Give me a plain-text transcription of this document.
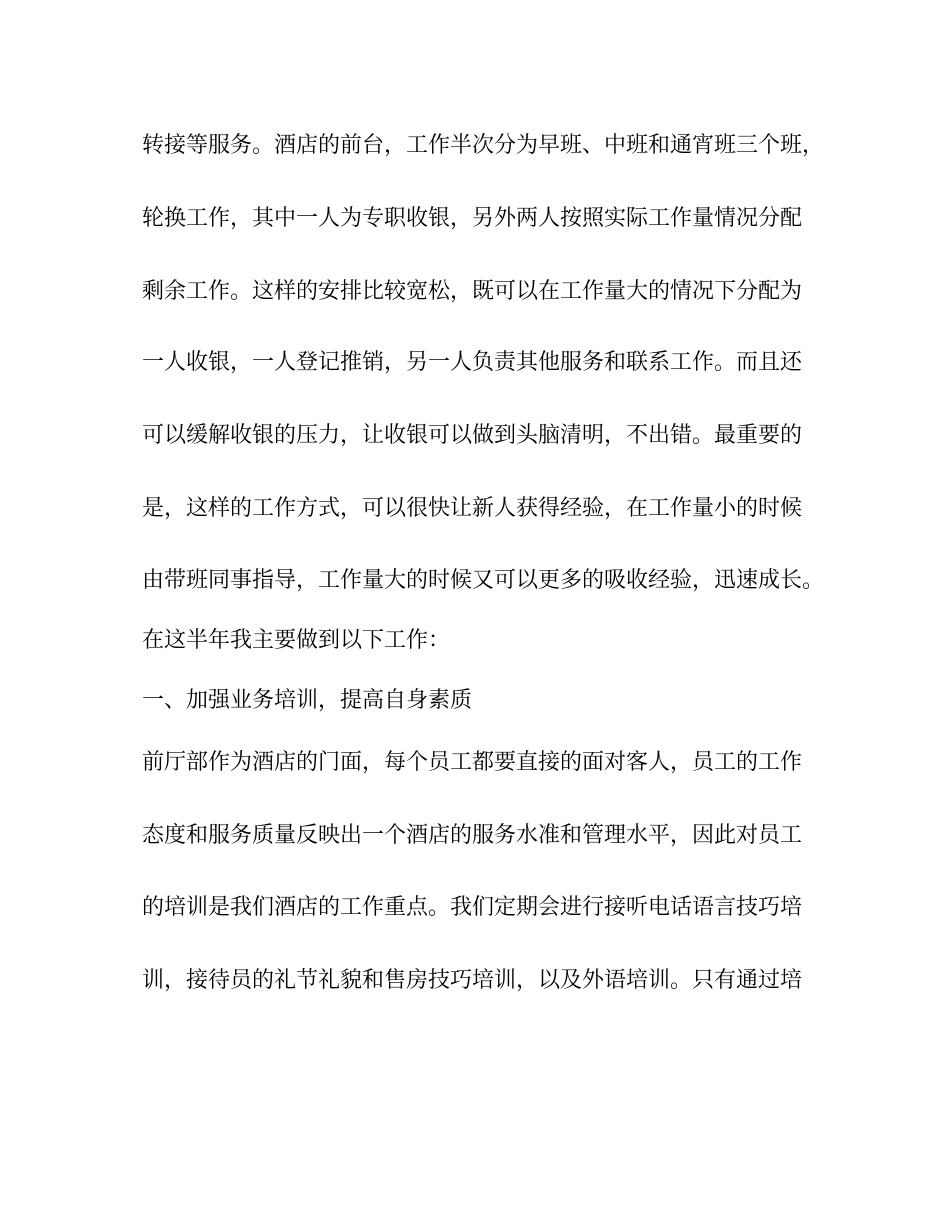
转接等服务。酒店的前台，工作半次分为早班、中班和通宵班三个班，
轮换工作，其中一人为专职收银，另外两人按照实际工作量情况分配
剩余工作。这样的安排比较宽松，既可以在工作量大的情况下分配为
一人收银，一人登记推销，另一人负责其他服务和联系工作。而且还
可以缓解收银的压力，让收银可以做到头脑清明，不出错。最重要的
是，这样的工作方式，可以很快让新人获得经验，在工作量小的时候
由带班同事指导，工作量大的时候又可以更多的吸收经验，迅速成长。
在这半年我主要做到以下工作：
一、加强业务培训，提高自身素质
前厅部作为酒店的门面，每个员工都要直接的面对客人，员工的工作
态度和服务质量反映出一个酒店的服务水准和管理水平，因此对员工
的培训是我们酒店的工作重点。我们定期会进行接听电话语言技巧培
训，接待员的礼节礼貌和售房技巧培训，以及外语培训。只有通过培
